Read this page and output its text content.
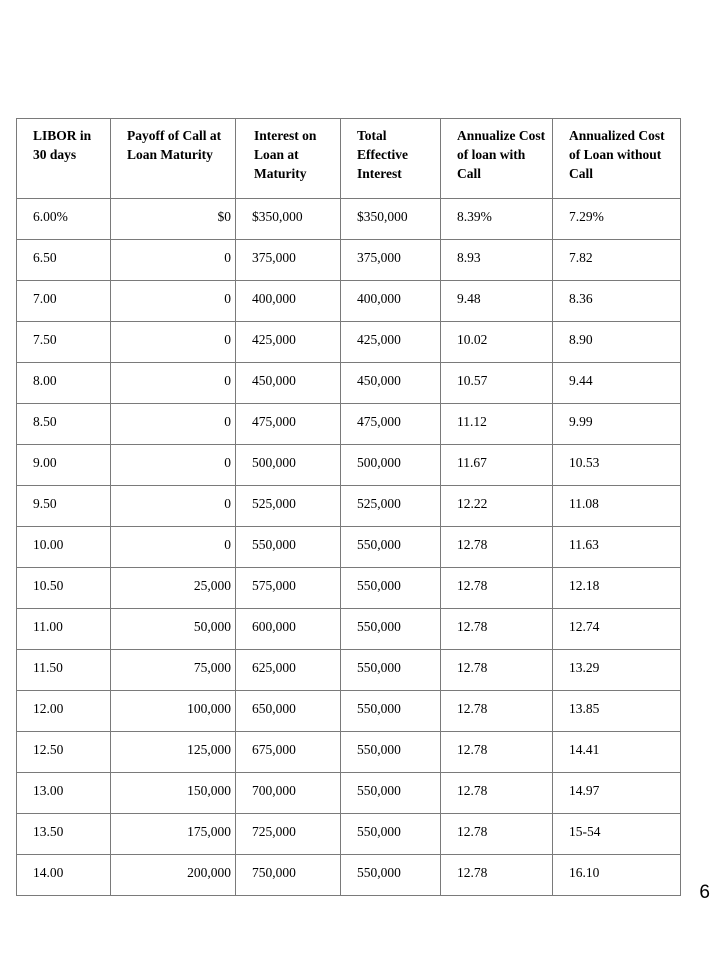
LIBOR in 30 days	Payoff of Call at Loan Maturity	Interest on Loan at Maturity	Total Effective Interest	Annualize Cost of loan with Call	Annualized Cost of Loan without Call
6.00%	$0	$350,000	$350,000	8.39%	7.29%
6.50	0	375,000	375,000	8.93	7.82
7.00	0	400,000	400,000	9.48	8.36
7.50	0	425,000	425,000	10.02	8.90
8.00	0	450,000	450,000	10.57	9.44
8.50	0	475,000	475,000	11.12	9.99
9.00	0	500,000	500,000	11.67	10.53
9.50	0	525,000	525,000	12.22	11.08
10.00	0	550,000	550,000	12.78	11.63
10.50	25,000	575,000	550,000	12.78	12.18
11.00	50,000	600,000	550,000	12.78	12.74
11.50	75,000	625,000	550,000	12.78	13.29
12.00	100,000	650,000	550,000	12.78	13.85
12.50	125,000	675,000	550,000	12.78	14.41
13.00	150,000	700,000	550,000	12.78	14.97
13.50	175,000	725,000	550,000	12.78	15-54
14.00	200,000	750,000	550,000	12.78	16.10
6
